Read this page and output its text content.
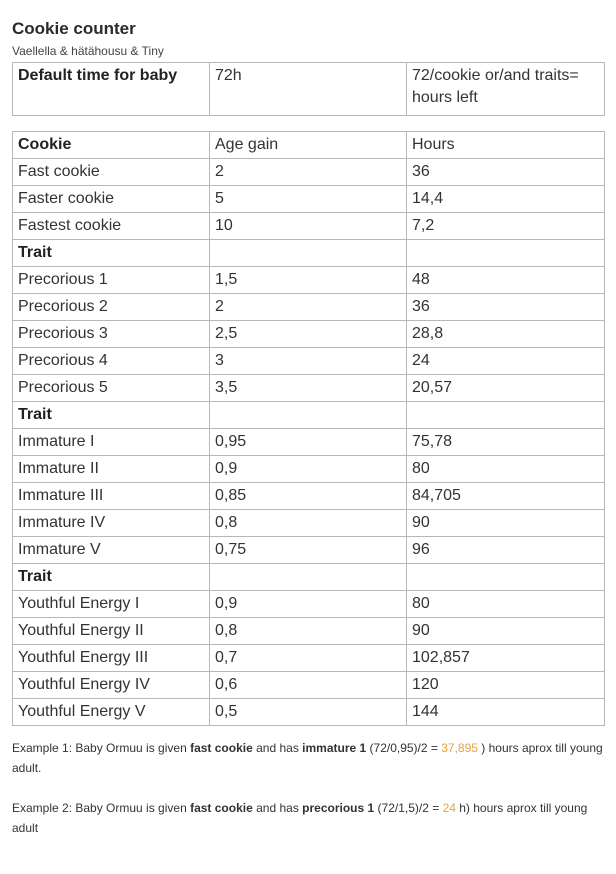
Cookie counter
Vaellella & hätähousu & Tiny
Default time for baby	72h	72/cookie or/and traits= hours left
Cookie	Age gain	Hours
Fast cookie	2	36
Faster cookie	5	14,4
Fastest cookie	10	7,2
Trait		
Precorious 1	1,5	48
Precorious 2	2	36
Precorious 3	2,5	28,8
Precorious 4	3	24
Precorious 5	3,5	20,57
Trait		
Immature I	0,95	75,78
Immature II	0,9	80
Immature III	0,85	84,705
Immature IV	0,8	90
Immature V	0,75	96
Trait		
Youthful Energy I	0,9	80
Youthful Energy II	0,8	90
Youthful Energy III	0,7	102,857
Youthful Energy IV	0,6	120
Youthful Energy V	0,5	144
Example 1: Baby Ormuu is given fast cookie and has immature 1 (72/0,95)/2 = 37,895 ) hours aprox till young adult.
Example 2: Baby Ormuu is given fast cookie and has precorious 1 (72/1,5)/2 = 24 h) hours aprox till young adult
